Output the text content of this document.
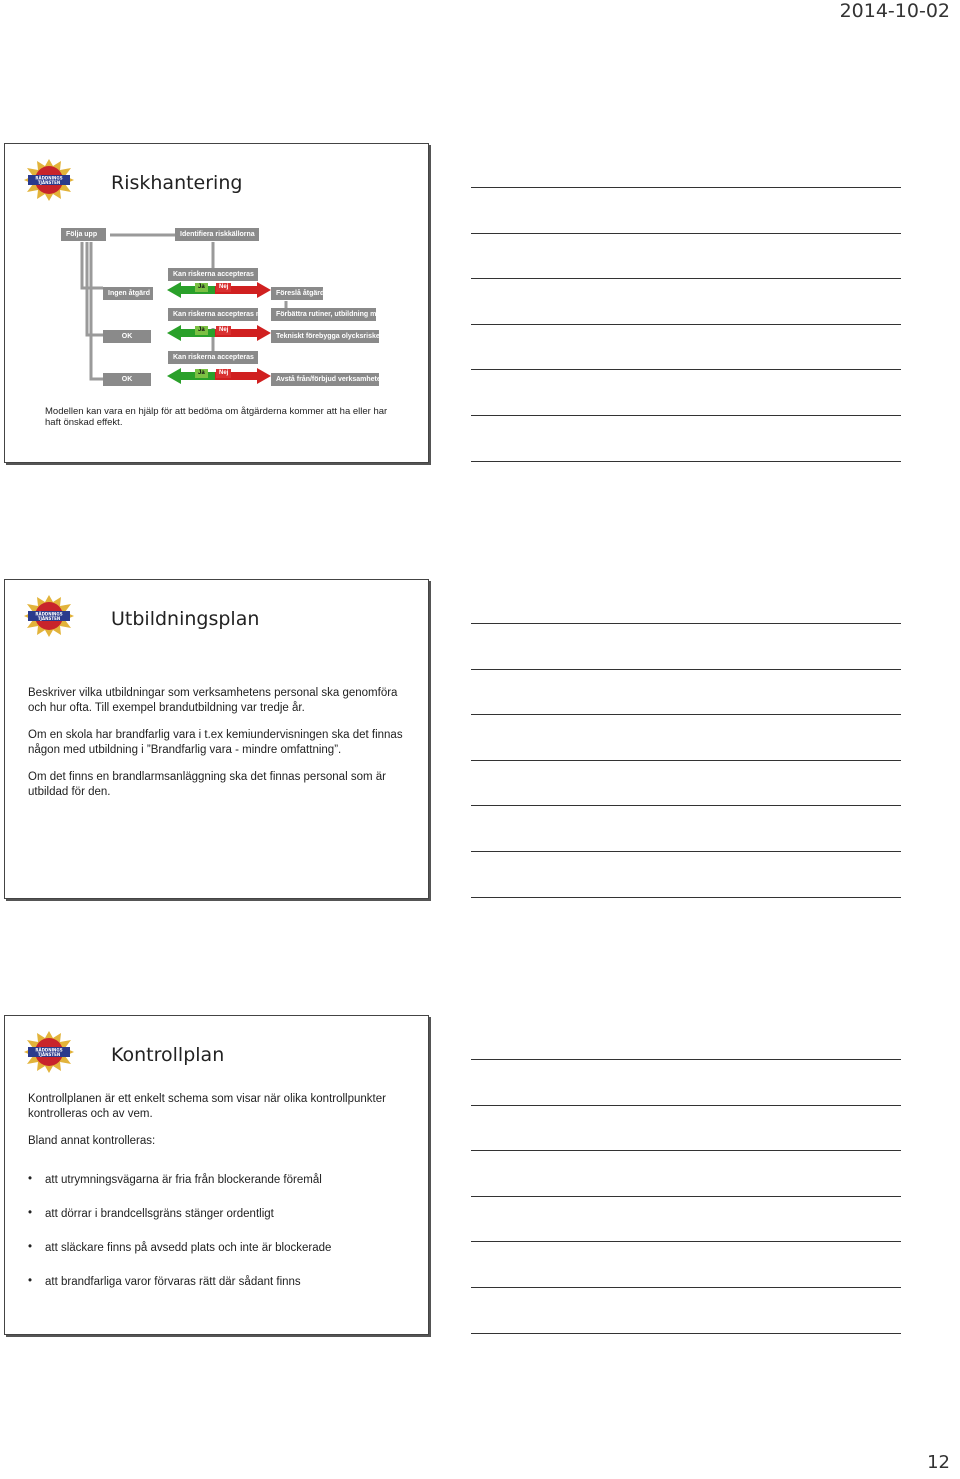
2014-10-02
RÄDDNINGS
TJÄNSTEN	Riskhantering
Följa upp	Identifiera riskkällorna
Kan riskerna accepteras
Ingen åtgärd	Föreslå åtgärd
Ja	Nej
Kan riskerna accepteras nu?	Förbättra rutiner, utbildning mm
OK	Tekniskt förebygga olycksriskerna
Ja	Nej
Kan riskerna accepteras
OK	Avstå från/förbjud verksamheten
Ja	Nej
Modellen kan vara en hjälp för att bedöma om åtgärderna kommer att ha eller har haft önskad effekt.
RÄDDNINGS
TJÄNSTEN	Utbildningsplan

Beskriver vilka utbildningar som verksamhetens personal ska genomföra och hur ofta. Till exempel brandutbildning var tredje år.

Om en skola har brandfarlig vara i t.ex kemiundervisningen ska det finnas någon med utbildning i ”Brandfarlig vara - mindre omfattning”.

Om det finns en brandlarmsanläggning ska det finnas personal som är utbildad för den.

RÄDDNINGS
TJÄNSTEN	Kontrollplan

Kontrollplanen är ett enkelt schema som visar när olika kontrollpunkter kontrolleras och av vem.

Bland annat kontrolleras:

• att utrymningsvägarna är fria från blockerande föremål
• att dörrar i brandcellsgräns stänger ordentligt
• att släckare finns på avsedd plats och inte är blockerade
• att brandfarliga varor förvaras rätt där sådant finns
12
